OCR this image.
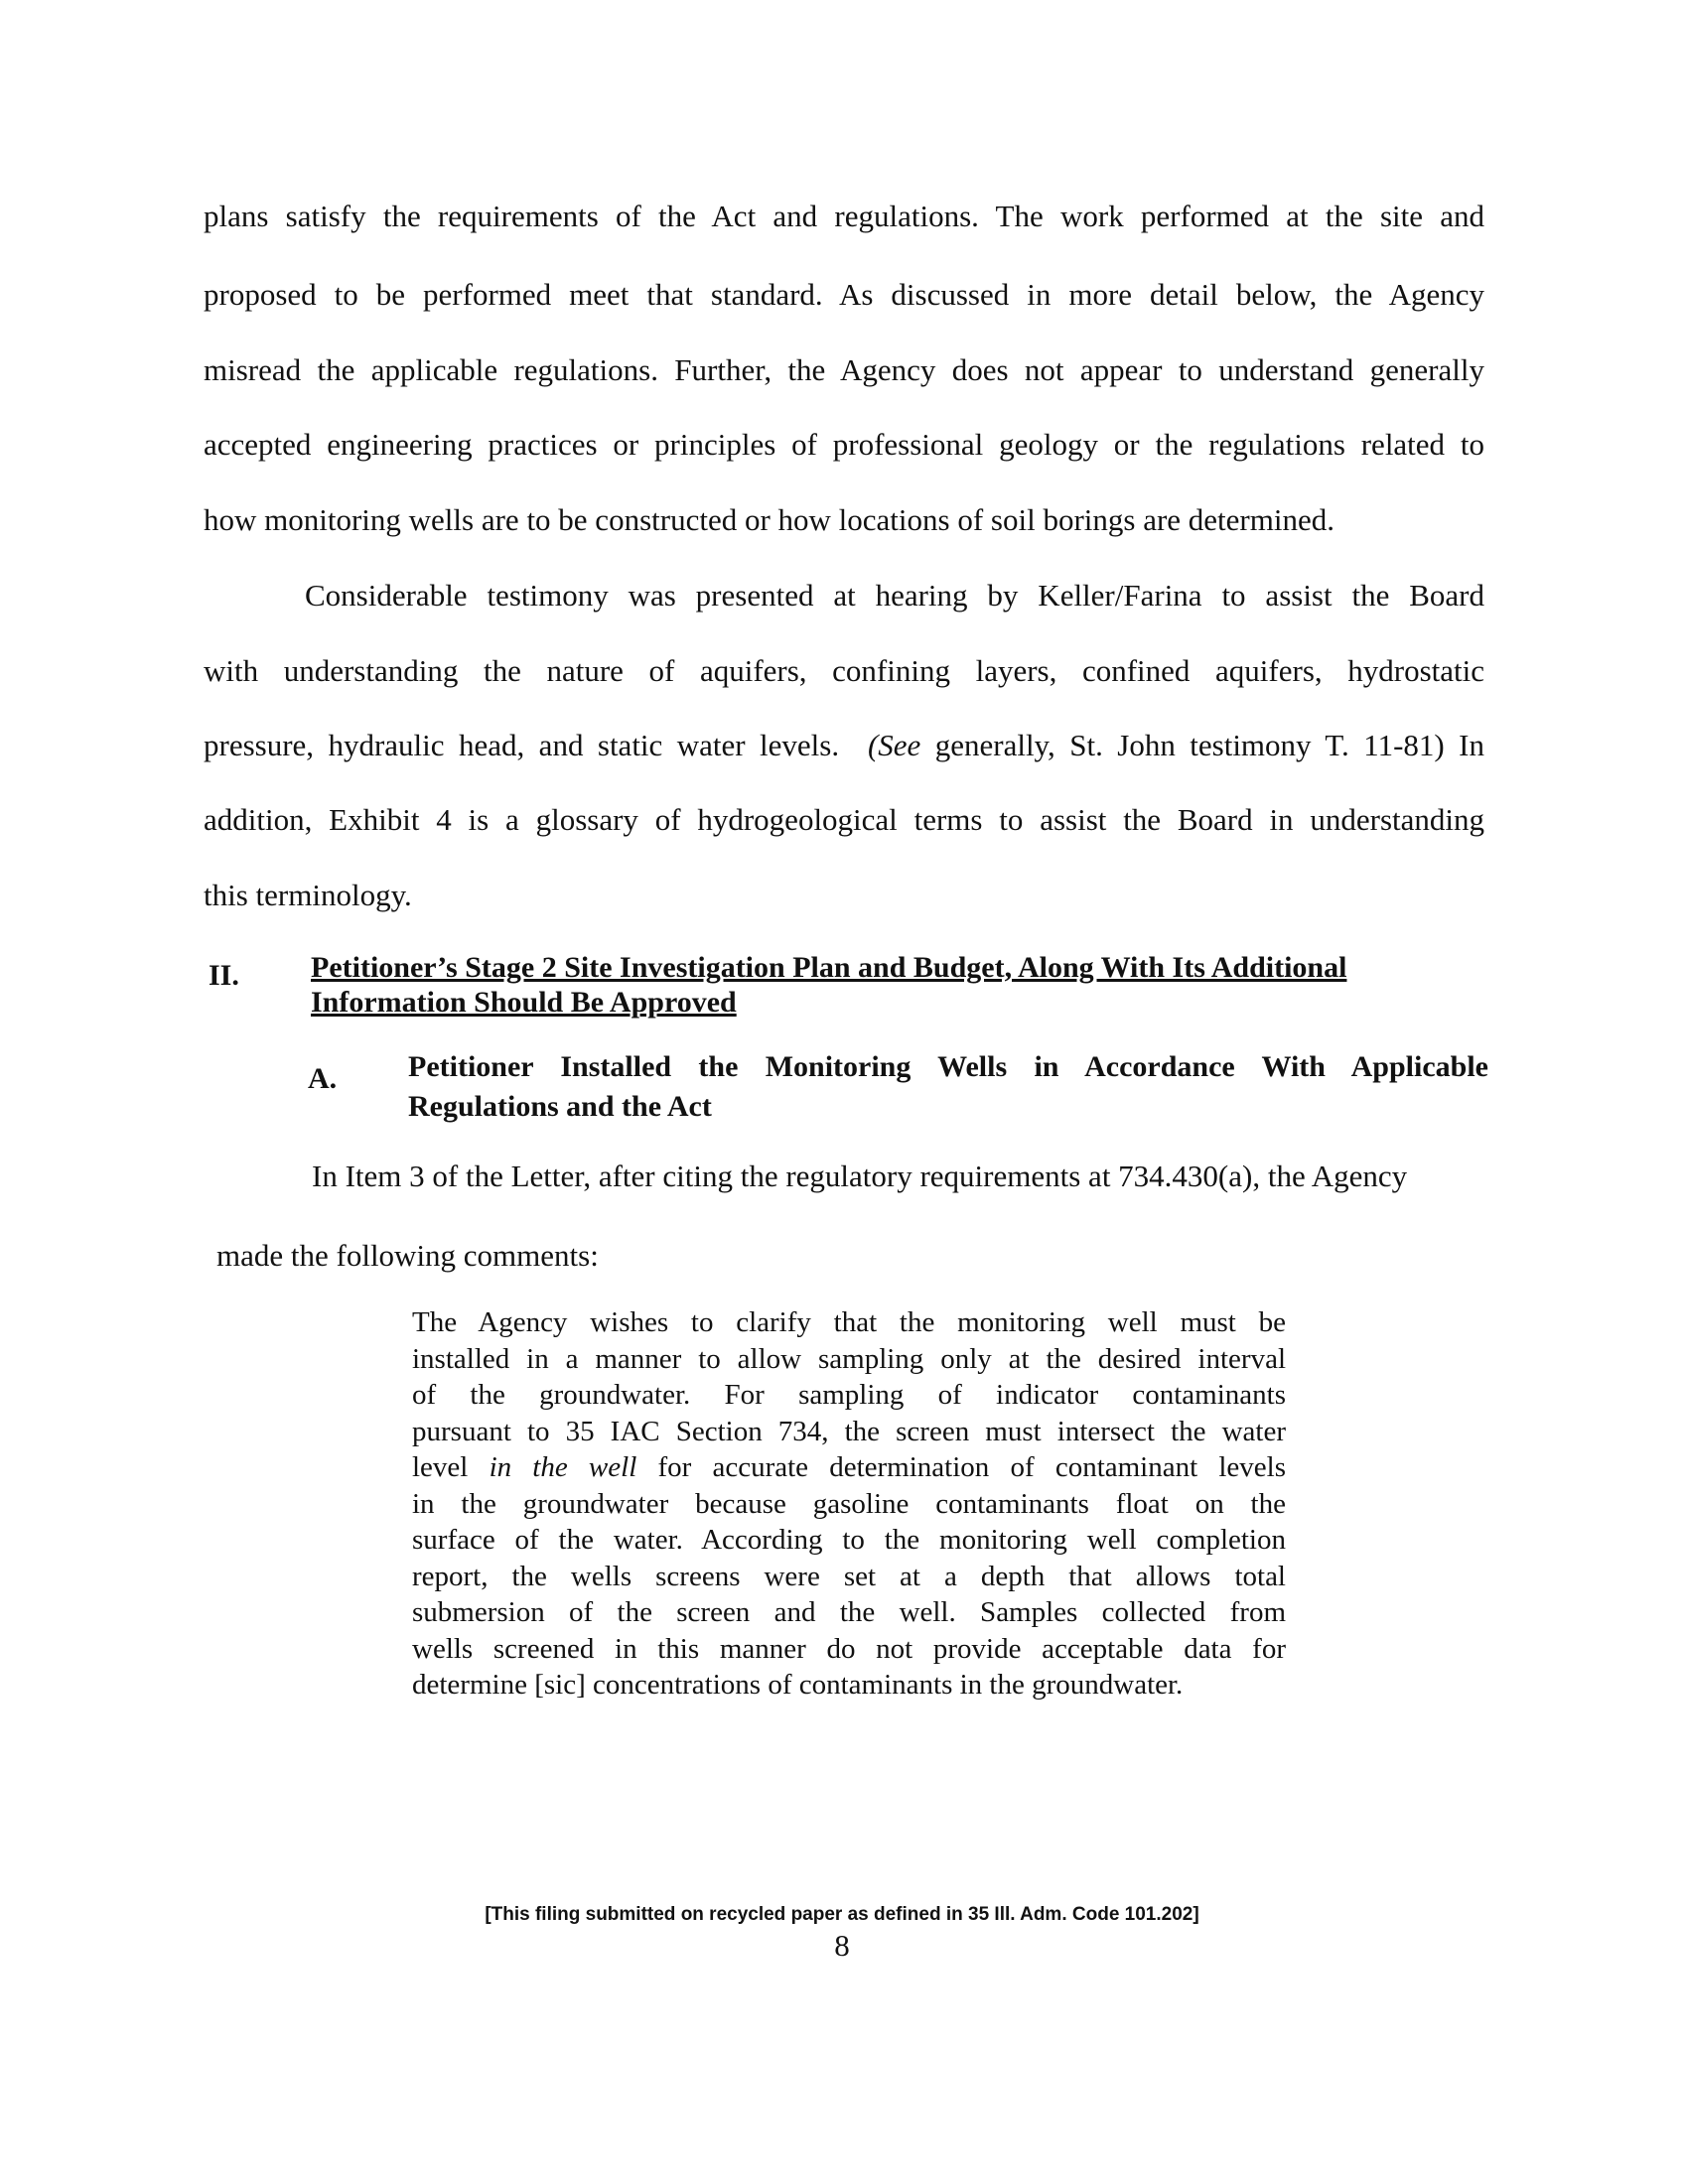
plans satisfy the requirements of the Act and regulations. The work performed at the site and
proposed to be performed meet that standard. As discussed in more detail below, the Agency
misread the applicable regulations. Further, the Agency does not appear to understand generally
accepted engineering practices or principles of professional geology or the regulations related to
how monitoring wells are to be constructed or how locations of soil borings are determined.
Considerable testimony was presented at hearing by Keller/Farina to assist the Board
with understanding the nature of aquifers, confining layers, confined aquifers, hydrostatic
pressure, hydraulic head, and static water levels. (See generally, St. John testimony T. 11-81) In
addition, Exhibit 4 is a glossary of hydrogeological terms to assist the Board in understanding
this terminology.
II. Petitioner’s Stage 2 Site Investigation Plan and Budget, Along With Its Additional
Information Should Be Approved
A. Petitioner Installed the Monitoring Wells in Accordance With Applicable
Regulations and the Act
In Item 3 of the Letter, after citing the regulatory requirements at 734.430(a), the Agency
made the following comments:
The Agency wishes to clarify that the monitoring well must be
installed in a manner to allow sampling only at the desired interval
of the groundwater. For sampling of indicator contaminants
pursuant to 35 IAC Section 734, the screen must intersect the water
level in the well for accurate determination of contaminant levels
in the groundwater because gasoline contaminants float on the
surface of the water. According to the monitoring well completion
report, the wells screens were set at a depth that allows total
submersion of the screen and the well. Samples collected from
wells screened in this manner do not provide acceptable data for
determine [sic] concentrations of contaminants in the groundwater.
[This filing submitted on recycled paper as defined in 35 Ill. Adm. Code 101.202]
8
